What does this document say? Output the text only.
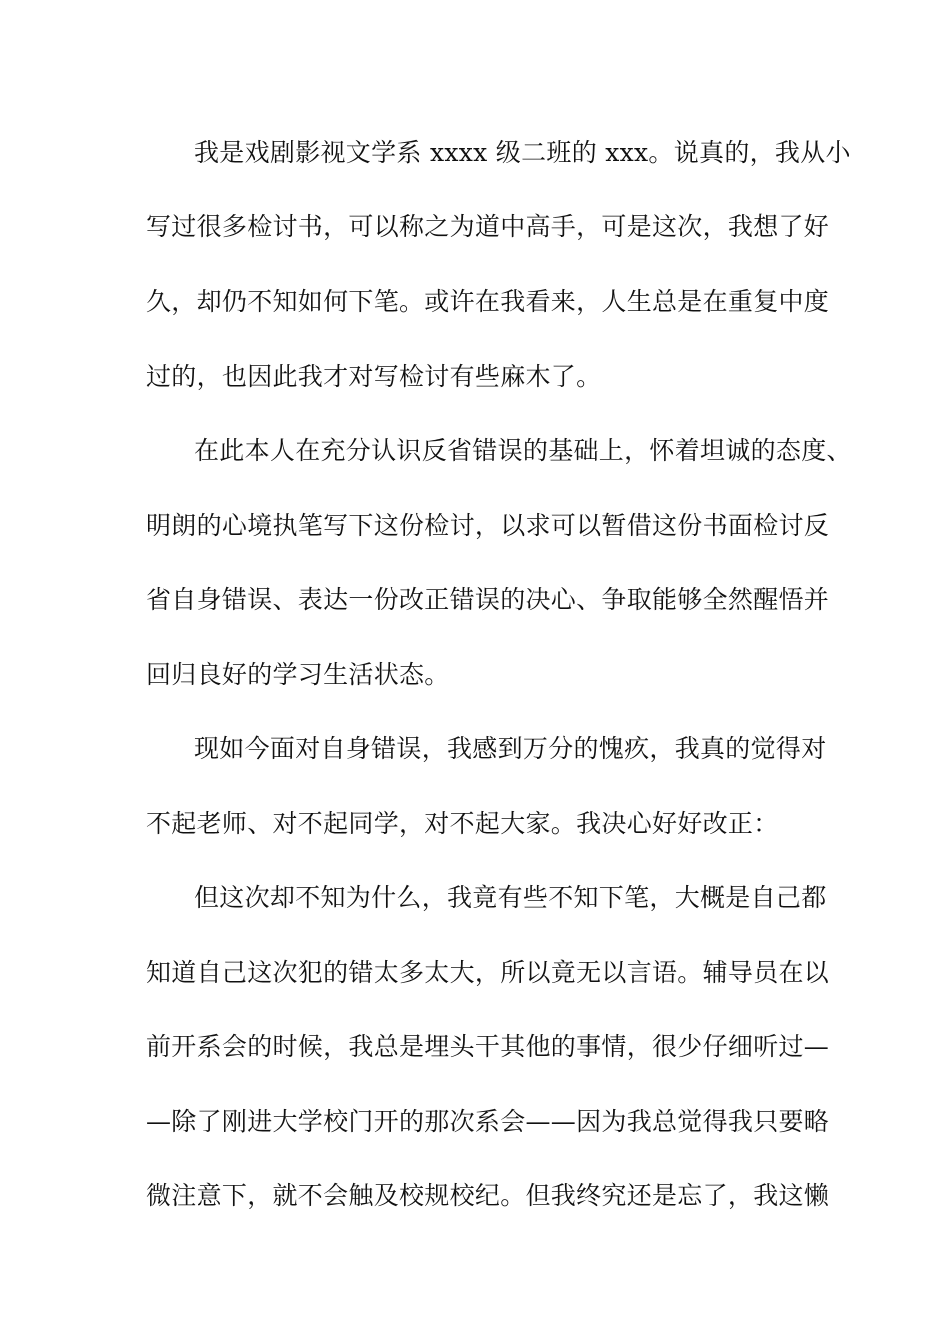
我是戏剧影视文学系 xxxx 级二班的 xxx。说真的，我从小
写过很多检讨书，可以称之为道中高手，可是这次，我想了好
久，却仍不知如何下笔。或许在我看来，人生总是在重复中度
过的，也因此我才对写检讨有些麻木了。
在此本人在充分认识反省错误的基础上，怀着坦诚的态度、
明朗的心境执笔写下这份检讨，以求可以暂借这份书面检讨反
省自身错误、表达一份改正错误的决心、争取能够全然醒悟并
回归良好的学习生活状态。
现如今面对自身错误，我感到万分的愧疚，我真的觉得对
不起老师、对不起同学，对不起大家。我决心好好改正：
但这次却不知为什么，我竟有些不知下笔，大概是自己都
知道自己这次犯的错太多太大，所以竟无以言语。辅导员在以
前开系会的时候，我总是埋头干其他的事情，很少仔细听过—
—除了刚进大学校门开的那次系会——因为我总觉得我只要略
微注意下，就不会触及校规校纪。但我终究还是忘了，我这懒
